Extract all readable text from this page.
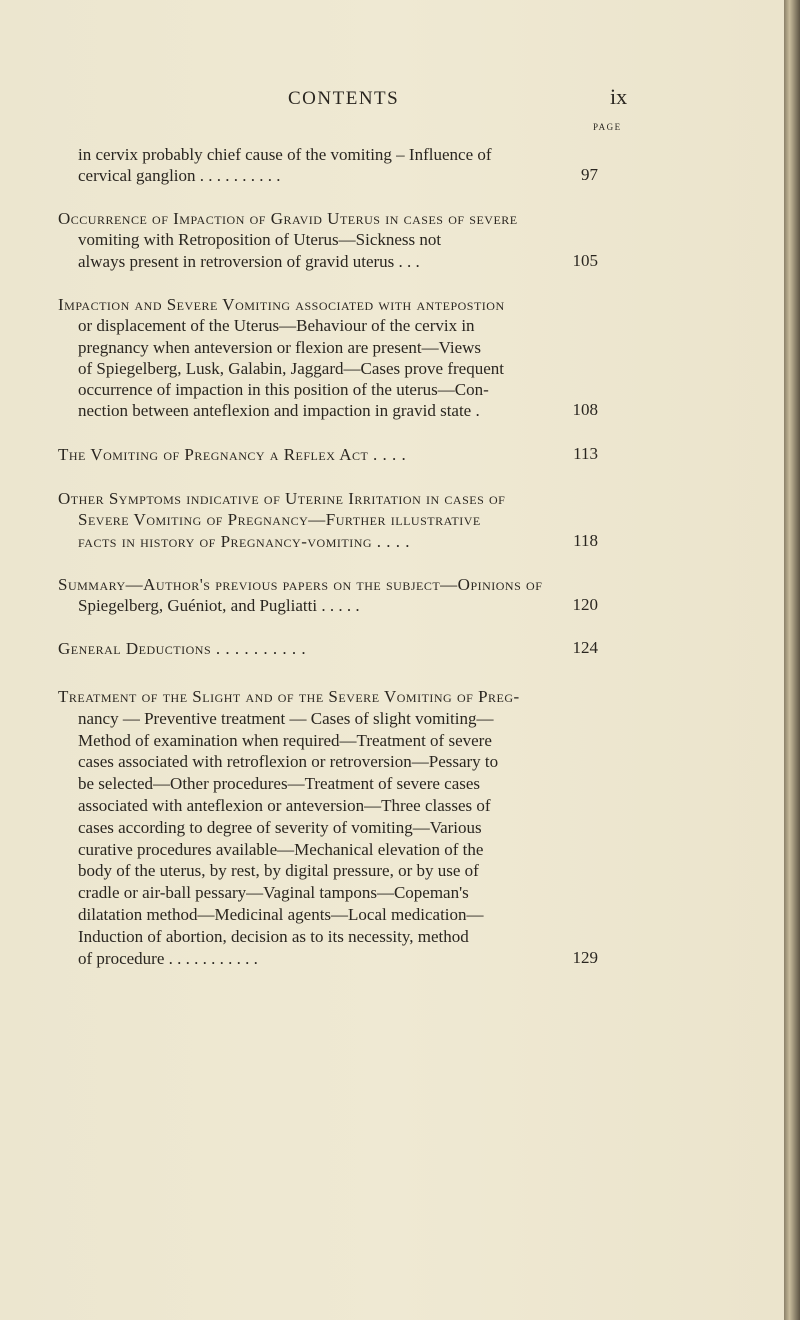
CONTENTS	ix
PAGE
in cervix probably chief cause of the vomiting – Influence of
cervical ganglion . . . . . . . . . .	97
Occurrence of Impaction of Gravid Uterus in cases of severe
vomiting with Retroposition of Uterus—Sickness not
always present in retroversion of gravid uterus . . .	105
Impaction and Severe Vomiting associated with antepostion
or displacement of the Uterus—Behaviour of the cervix in
pregnancy when anteversion or flexion are present—Views
of Spiegelberg, Lusk, Galabin, Jaggard—Cases prove frequent
occurrence of impaction in this position of the uterus—Con-
nection between anteflexion and impaction in gravid state .	108
The Vomiting of Pregnancy a Reflex Act . . . .	113
Other Symptoms indicative of Uterine Irritation in cases of
Severe Vomiting of Pregnancy—Further illustrative
facts in history of Pregnancy-vomiting . . . .	118
Summary—Author's previous papers on the subject—Opinions of
Spiegelberg, Guéniot, and Pugliatti . . . . .	120
General Deductions . . . . . . . . . .	124
Treatment of the Slight and of the Severe Vomiting of Preg-
nancy — Preventive treatment — Cases of slight vomiting—
Method of examination when required—Treatment of severe
cases associated with retroflexion or retroversion—Pessary to
be selected—Other procedures—Treatment of severe cases
associated with anteflexion or anteversion—Three classes of
cases according to degree of severity of vomiting—Various
curative procedures available—Mechanical elevation of the
body of the uterus, by rest, by digital pressure, or by use of
cradle or air-ball pessary—Vaginal tampons—Copeman's
dilatation method—Medicinal agents—Local medication—
Induction of abortion, decision as to its necessity, method
of procedure . . . . . . . . . . .	129
